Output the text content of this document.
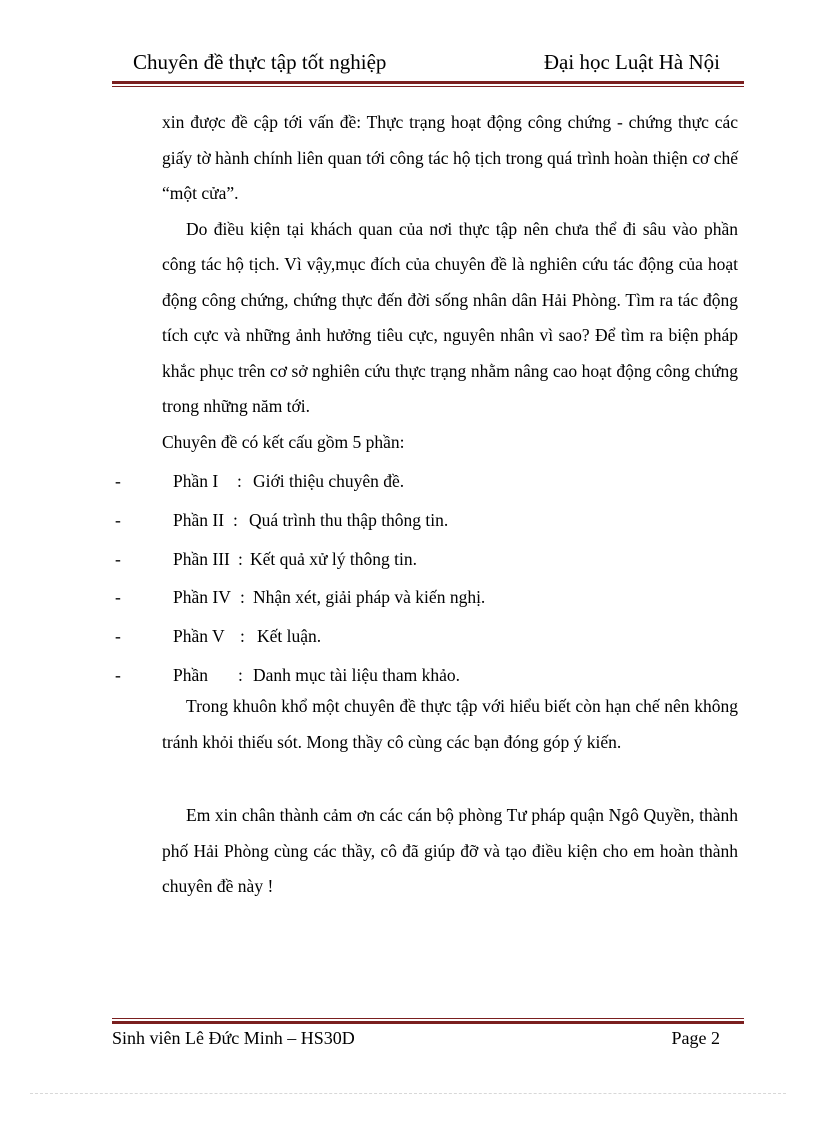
Chuyên đề thực tập tốt nghiệp	Đại học Luật Hà Nội

xin được đề cập tới vấn đề: Thực trạng hoạt động công chứng - chứng thực các giấy tờ hành chính liên quan tới công tác hộ tịch trong quá trình hoàn thiện cơ chế “một cửa”.

Do điều kiện tại khách quan của nơi thực tập nên chưa thể đi sâu vào phần công tác hộ tịch. Vì vậy,mục đích của chuyên đề là nghiên cứu tác động của hoạt động công chứng, chứng thực đến đời sống nhân dân Hải Phòng. Tìm ra tác động tích cực và những ảnh hưởng tiêu cực, nguyên nhân vì sao? Để tìm ra biện pháp khắc phục trên cơ sở nghiên cứu thực trạng nhằm nâng cao hoạt động công chứng trong những năm tới.

Chuyên đề có kết cấu gồm 5 phần:

-	Phần I : Giới thiệu chuyên đề.
-	Phần II : Quá trình thu thập thông tin.
-	Phần III : Kết quả xử lý thông tin.
-	Phần IV : Nhận xét, giải pháp và kiến nghị.
-	Phần V : Kết luận.
-	Phần : Danh mục tài liệu tham khảo.

Trong khuôn khổ một chuyên đề thực tập với hiểu biết còn hạn chế nên không tránh khỏi thiếu sót. Mong thầy cô cùng các bạn đóng góp ý kiến.

Em xin chân thành cảm ơn các cán bộ phòng Tư pháp quận Ngô Quyền, thành phố Hải Phòng cùng các thầy, cô đã giúp đỡ và tạo điều kiện cho em hoàn thành chuyên đề này !

Sinh viên Lê Đức Minh – HS30D	Page 2
